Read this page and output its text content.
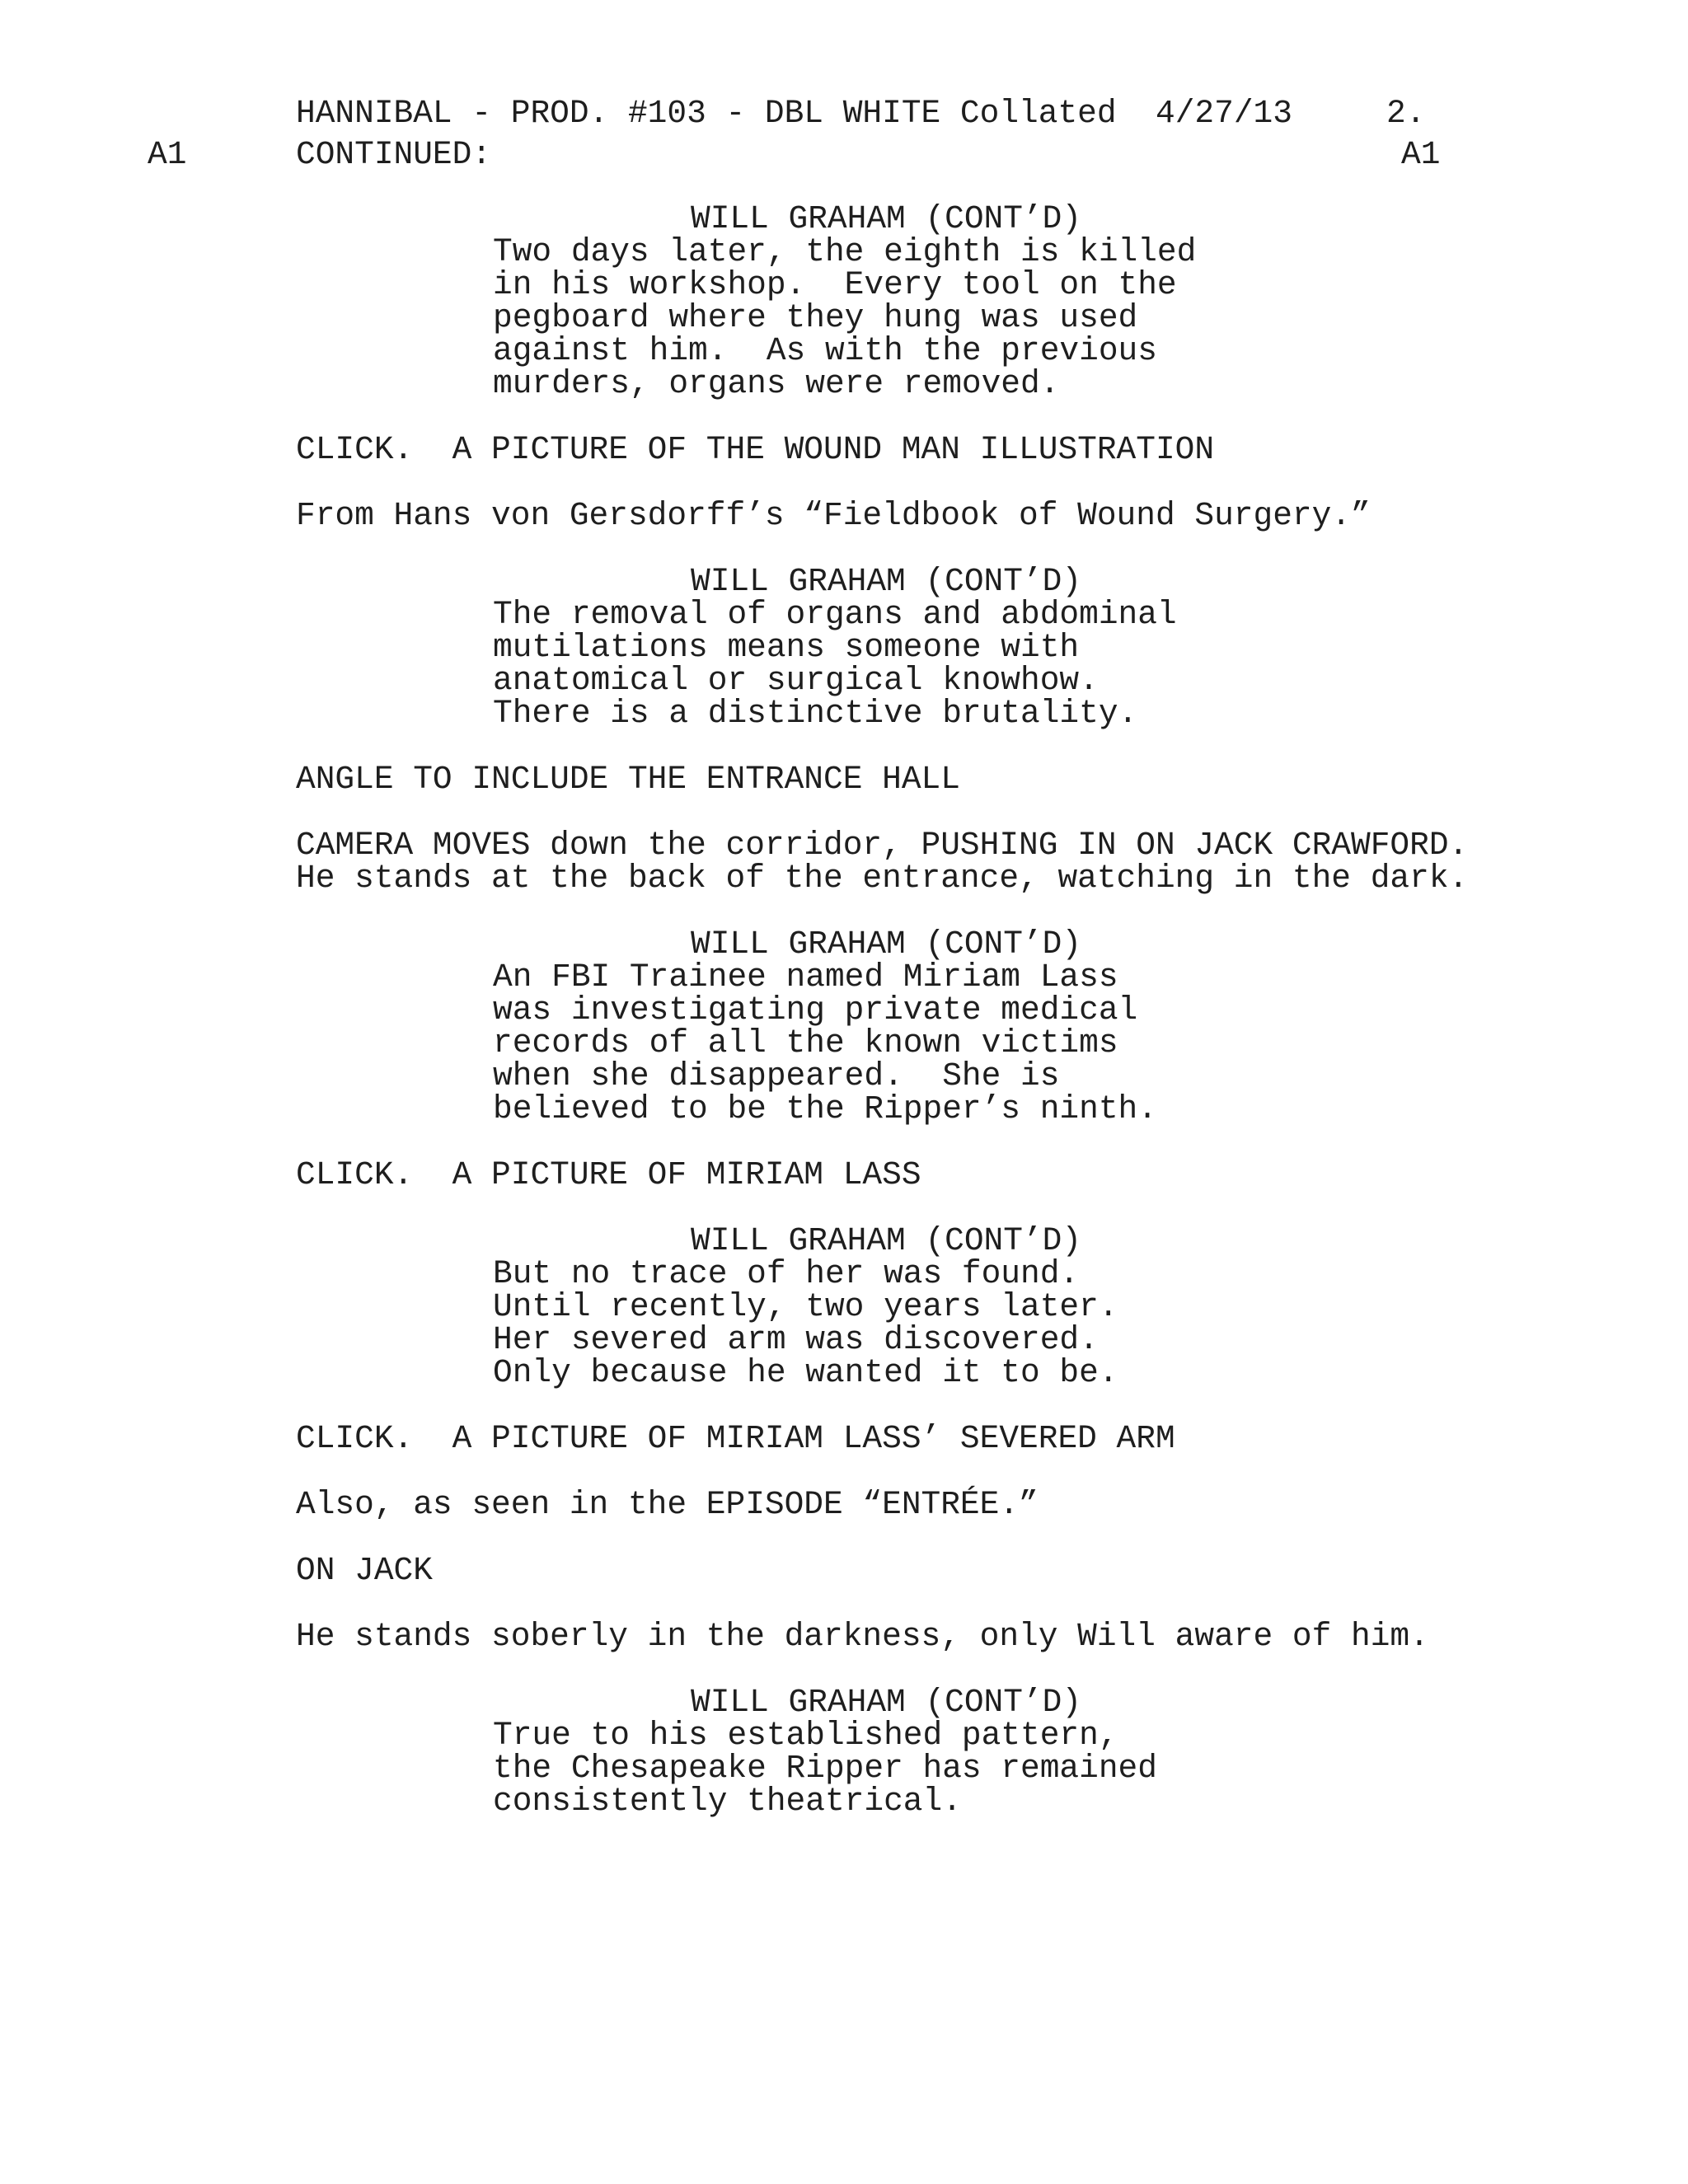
HANNIBAL - PROD. #103 - DBL WHITE Collated 4/27/13	2.
A1	CONTINUED:	A1
WILL GRAHAM (CONT’D)
Two days later, the eighth is killed
in his workshop.  Every tool on the
pegboard where they hung was used
against him.  As with the previous
murders, organs were removed.
CLICK.  A PICTURE OF THE WOUND MAN ILLUSTRATION
From Hans von Gersdorff’s “Fieldbook of Wound Surgery.”
WILL GRAHAM (CONT’D)
The removal of organs and abdominal
mutilations means someone with
anatomical or surgical knowhow.
There is a distinctive brutality.
ANGLE TO INCLUDE THE ENTRANCE HALL
CAMERA MOVES down the corridor, PUSHING IN ON JACK CRAWFORD.
He stands at the back of the entrance, watching in the dark.
WILL GRAHAM (CONT’D)
An FBI Trainee named Miriam Lass
was investigating private medical
records of all the known victims
when she disappeared.  She is
believed to be the Ripper’s ninth.
CLICK.  A PICTURE OF MIRIAM LASS
WILL GRAHAM (CONT’D)
But no trace of her was found.
Until recently, two years later.
Her severed arm was discovered.
Only because he wanted it to be.
CLICK.  A PICTURE OF MIRIAM LASS’ SEVERED ARM
Also, as seen in the EPISODE “ENTRÉE.”
ON JACK
He stands soberly in the darkness, only Will aware of him.
WILL GRAHAM (CONT’D)
True to his established pattern,
the Chesapeake Ripper has remained
consistently theatrical.
